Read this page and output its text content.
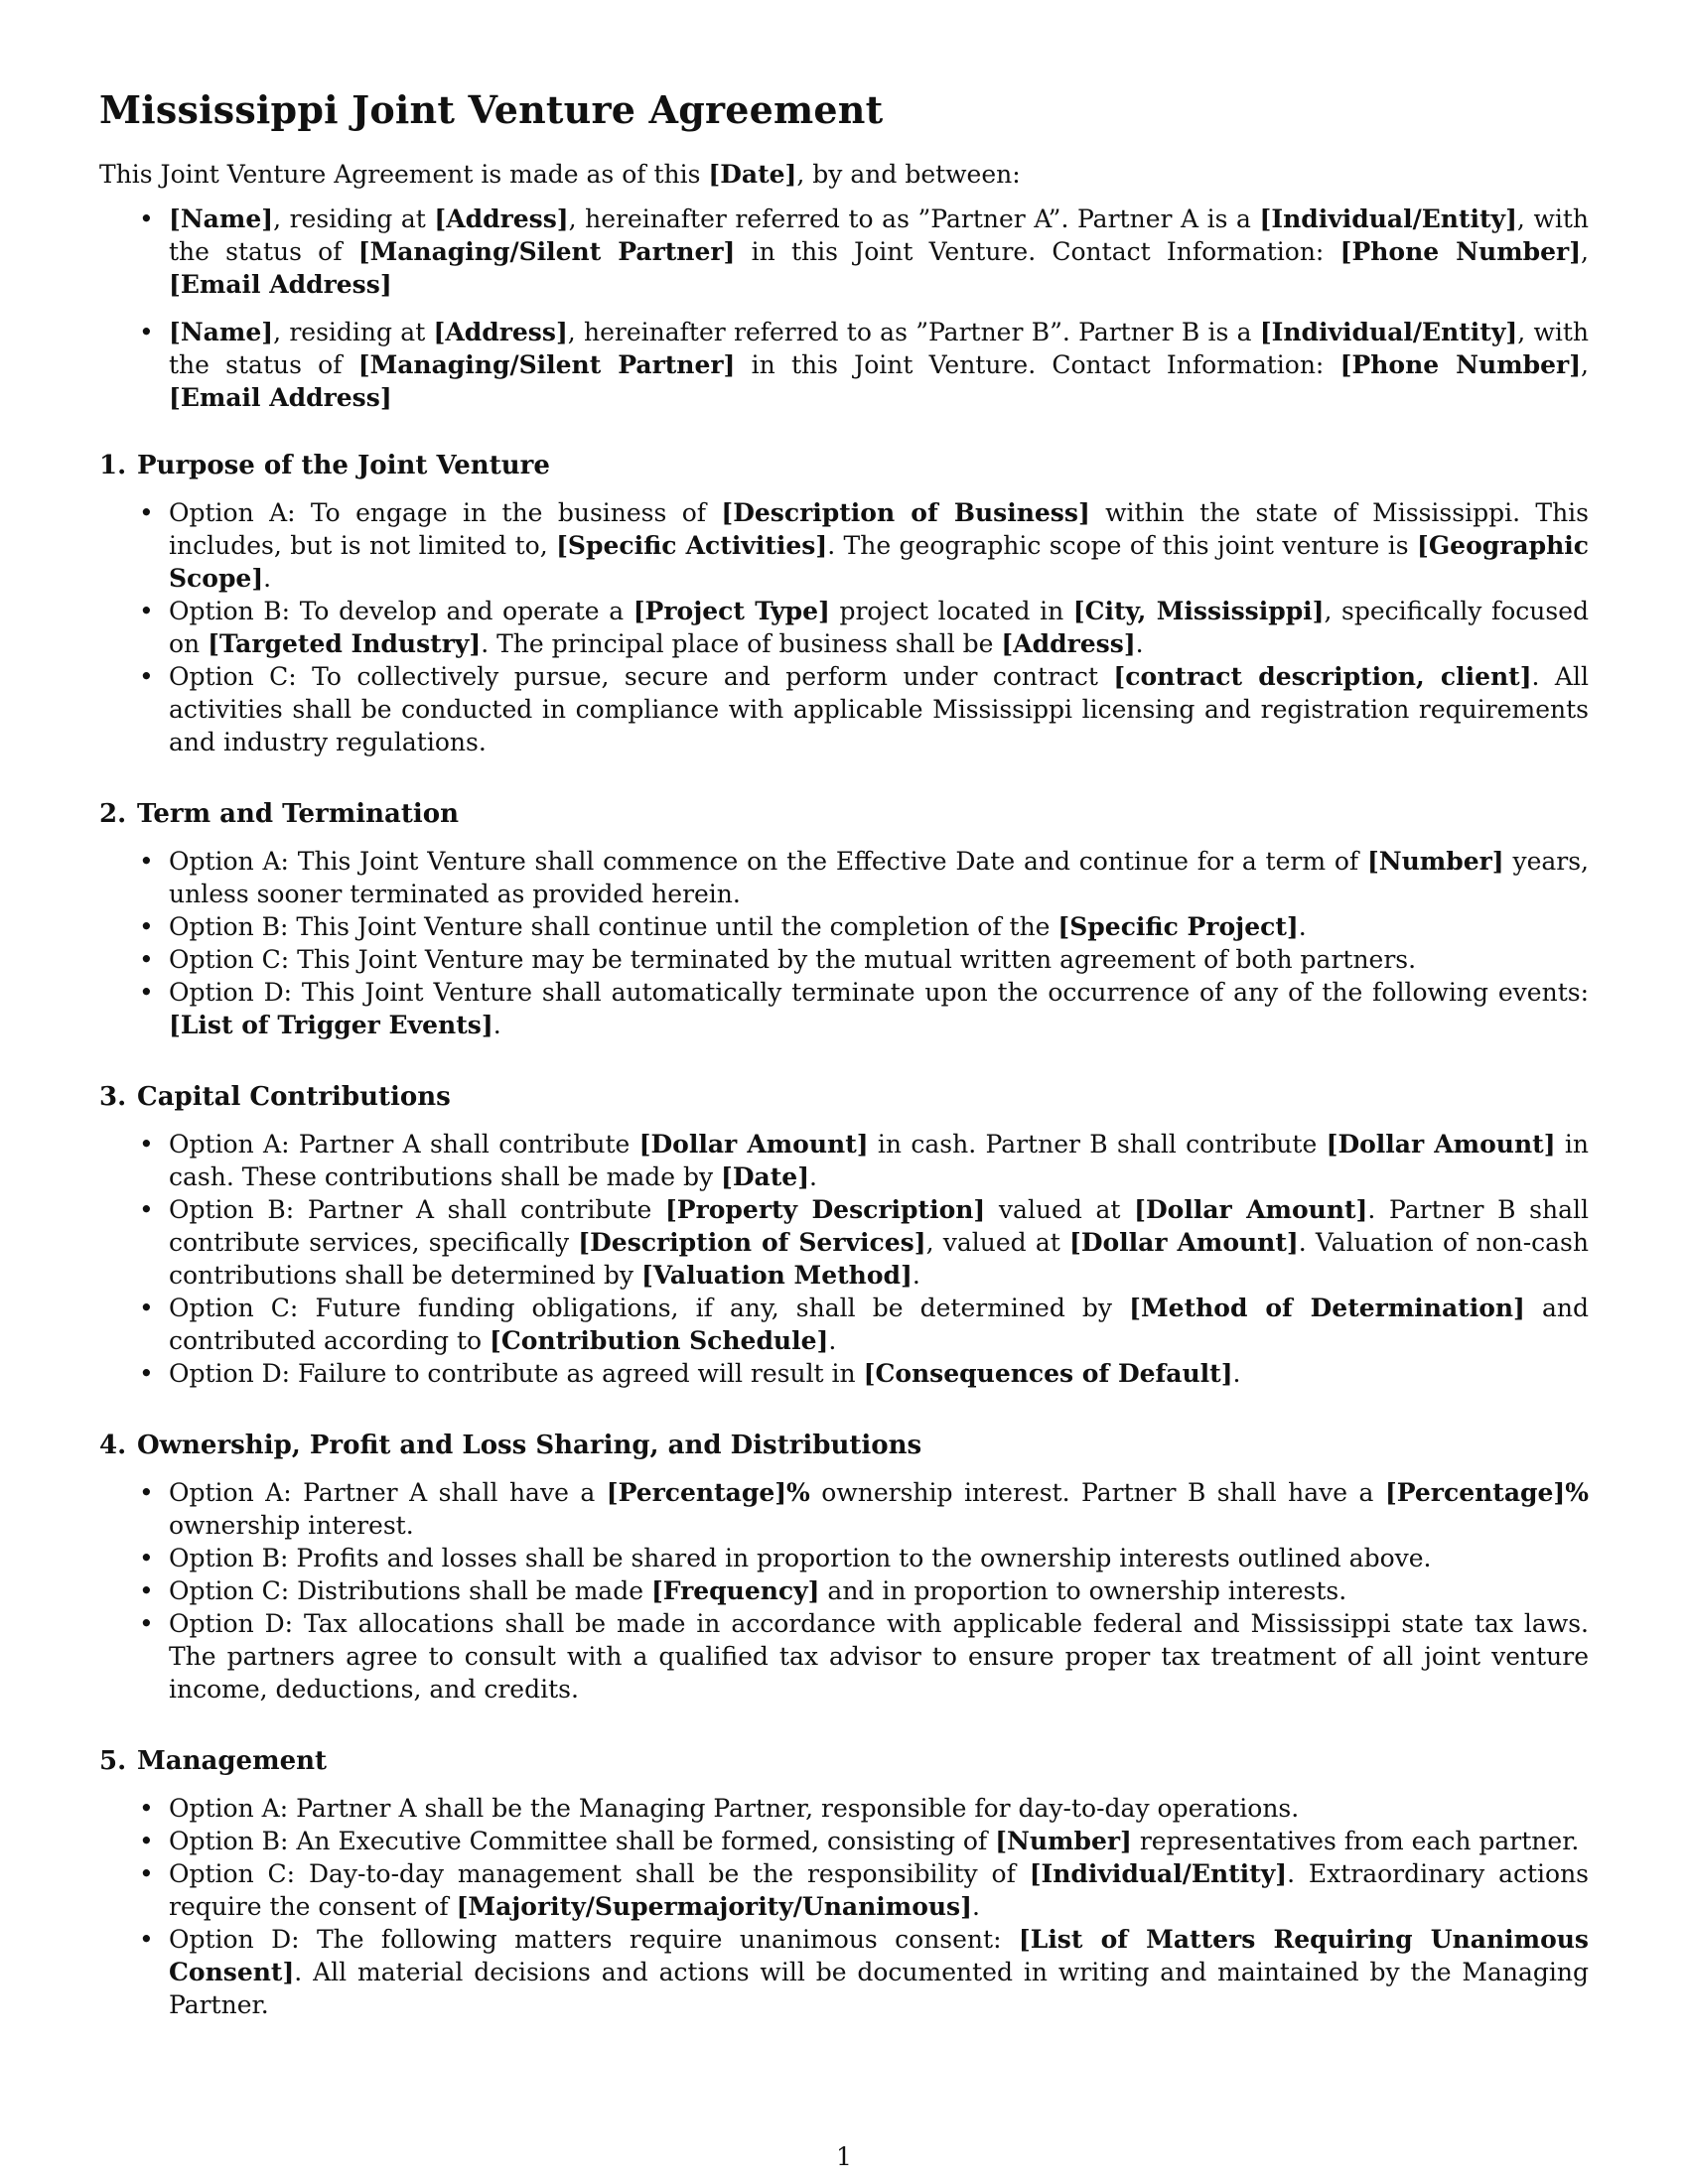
Mississippi Joint Venture Agreement
This Joint Venture Agreement is made as of this [Date], by and between:
• [Name], residing at [Address], hereinafter referred to as ”Partner A”. Partner A is a [Individual/Entity], with the status of [Managing/Silent Partner] in this Joint Venture. Contact Information: [Phone Number], [Email Address]
• [Name], residing at [Address], hereinafter referred to as ”Partner B”. Partner B is a [Individual/Entity], with the status of [Managing/Silent Partner] in this Joint Venture. Contact Information: [Phone Number], [Email Address]
1. Purpose of the Joint Venture
• Option A: To engage in the business of [Description of Business] within the state of Mississippi. This includes, but is not limited to, [Specific Activities]. The geographic scope of this joint venture is [Geographic Scope].
• Option B: To develop and operate a [Project Type] project located in [City, Mississippi], specifically focused on [Targeted Industry]. The principal place of business shall be [Address].
• Option C: To collectively pursue, secure and perform under contract [contract description, client]. All activities shall be conducted in compliance with applicable Mississippi licensing and registration requirements and industry regulations.
2. Term and Termination
• Option A: This Joint Venture shall commence on the Effective Date and continue for a term of [Number] years, unless sooner terminated as provided herein.
• Option B: This Joint Venture shall continue until the completion of the [Specific Project].
• Option C: This Joint Venture may be terminated by the mutual written agreement of both partners.
• Option D: This Joint Venture shall automatically terminate upon the occurrence of any of the following events: [List of Trigger Events].
3. Capital Contributions
• Option A: Partner A shall contribute [Dollar Amount] in cash. Partner B shall contribute [Dollar Amount] in cash. These contributions shall be made by [Date].
• Option B: Partner A shall contribute [Property Description] valued at [Dollar Amount]. Partner B shall contribute services, specifically [Description of Services], valued at [Dollar Amount]. Valuation of non-cash contributions shall be determined by [Valuation Method].
• Option C: Future funding obligations, if any, shall be determined by [Method of Determination] and contributed according to [Contribution Schedule].
• Option D: Failure to contribute as agreed will result in [Consequences of Default].
4. Ownership, Profit and Loss Sharing, and Distributions
• Option A: Partner A shall have a [Percentage]% ownership interest. Partner B shall have a [Percentage]% ownership interest.
• Option B: Profits and losses shall be shared in proportion to the ownership interests outlined above.
• Option C: Distributions shall be made [Frequency] and in proportion to ownership interests.
• Option D: Tax allocations shall be made in accordance with applicable federal and Mississippi state tax laws. The partners agree to consult with a qualified tax advisor to ensure proper tax treatment of all joint venture income, deductions, and credits.
5. Management
• Option A: Partner A shall be the Managing Partner, responsible for day-to-day operations.
• Option B: An Executive Committee shall be formed, consisting of [Number] representatives from each partner.
• Option C: Day-to-day management shall be the responsibility of [Individual/Entity]. Extraordinary actions require the consent of [Majority/Supermajority/Unanimous].
• Option D: The following matters require unanimous consent: [List of Matters Requiring Unanimous Consent]. All material decisions and actions will be documented in writing and maintained by the Managing Partner.
1
